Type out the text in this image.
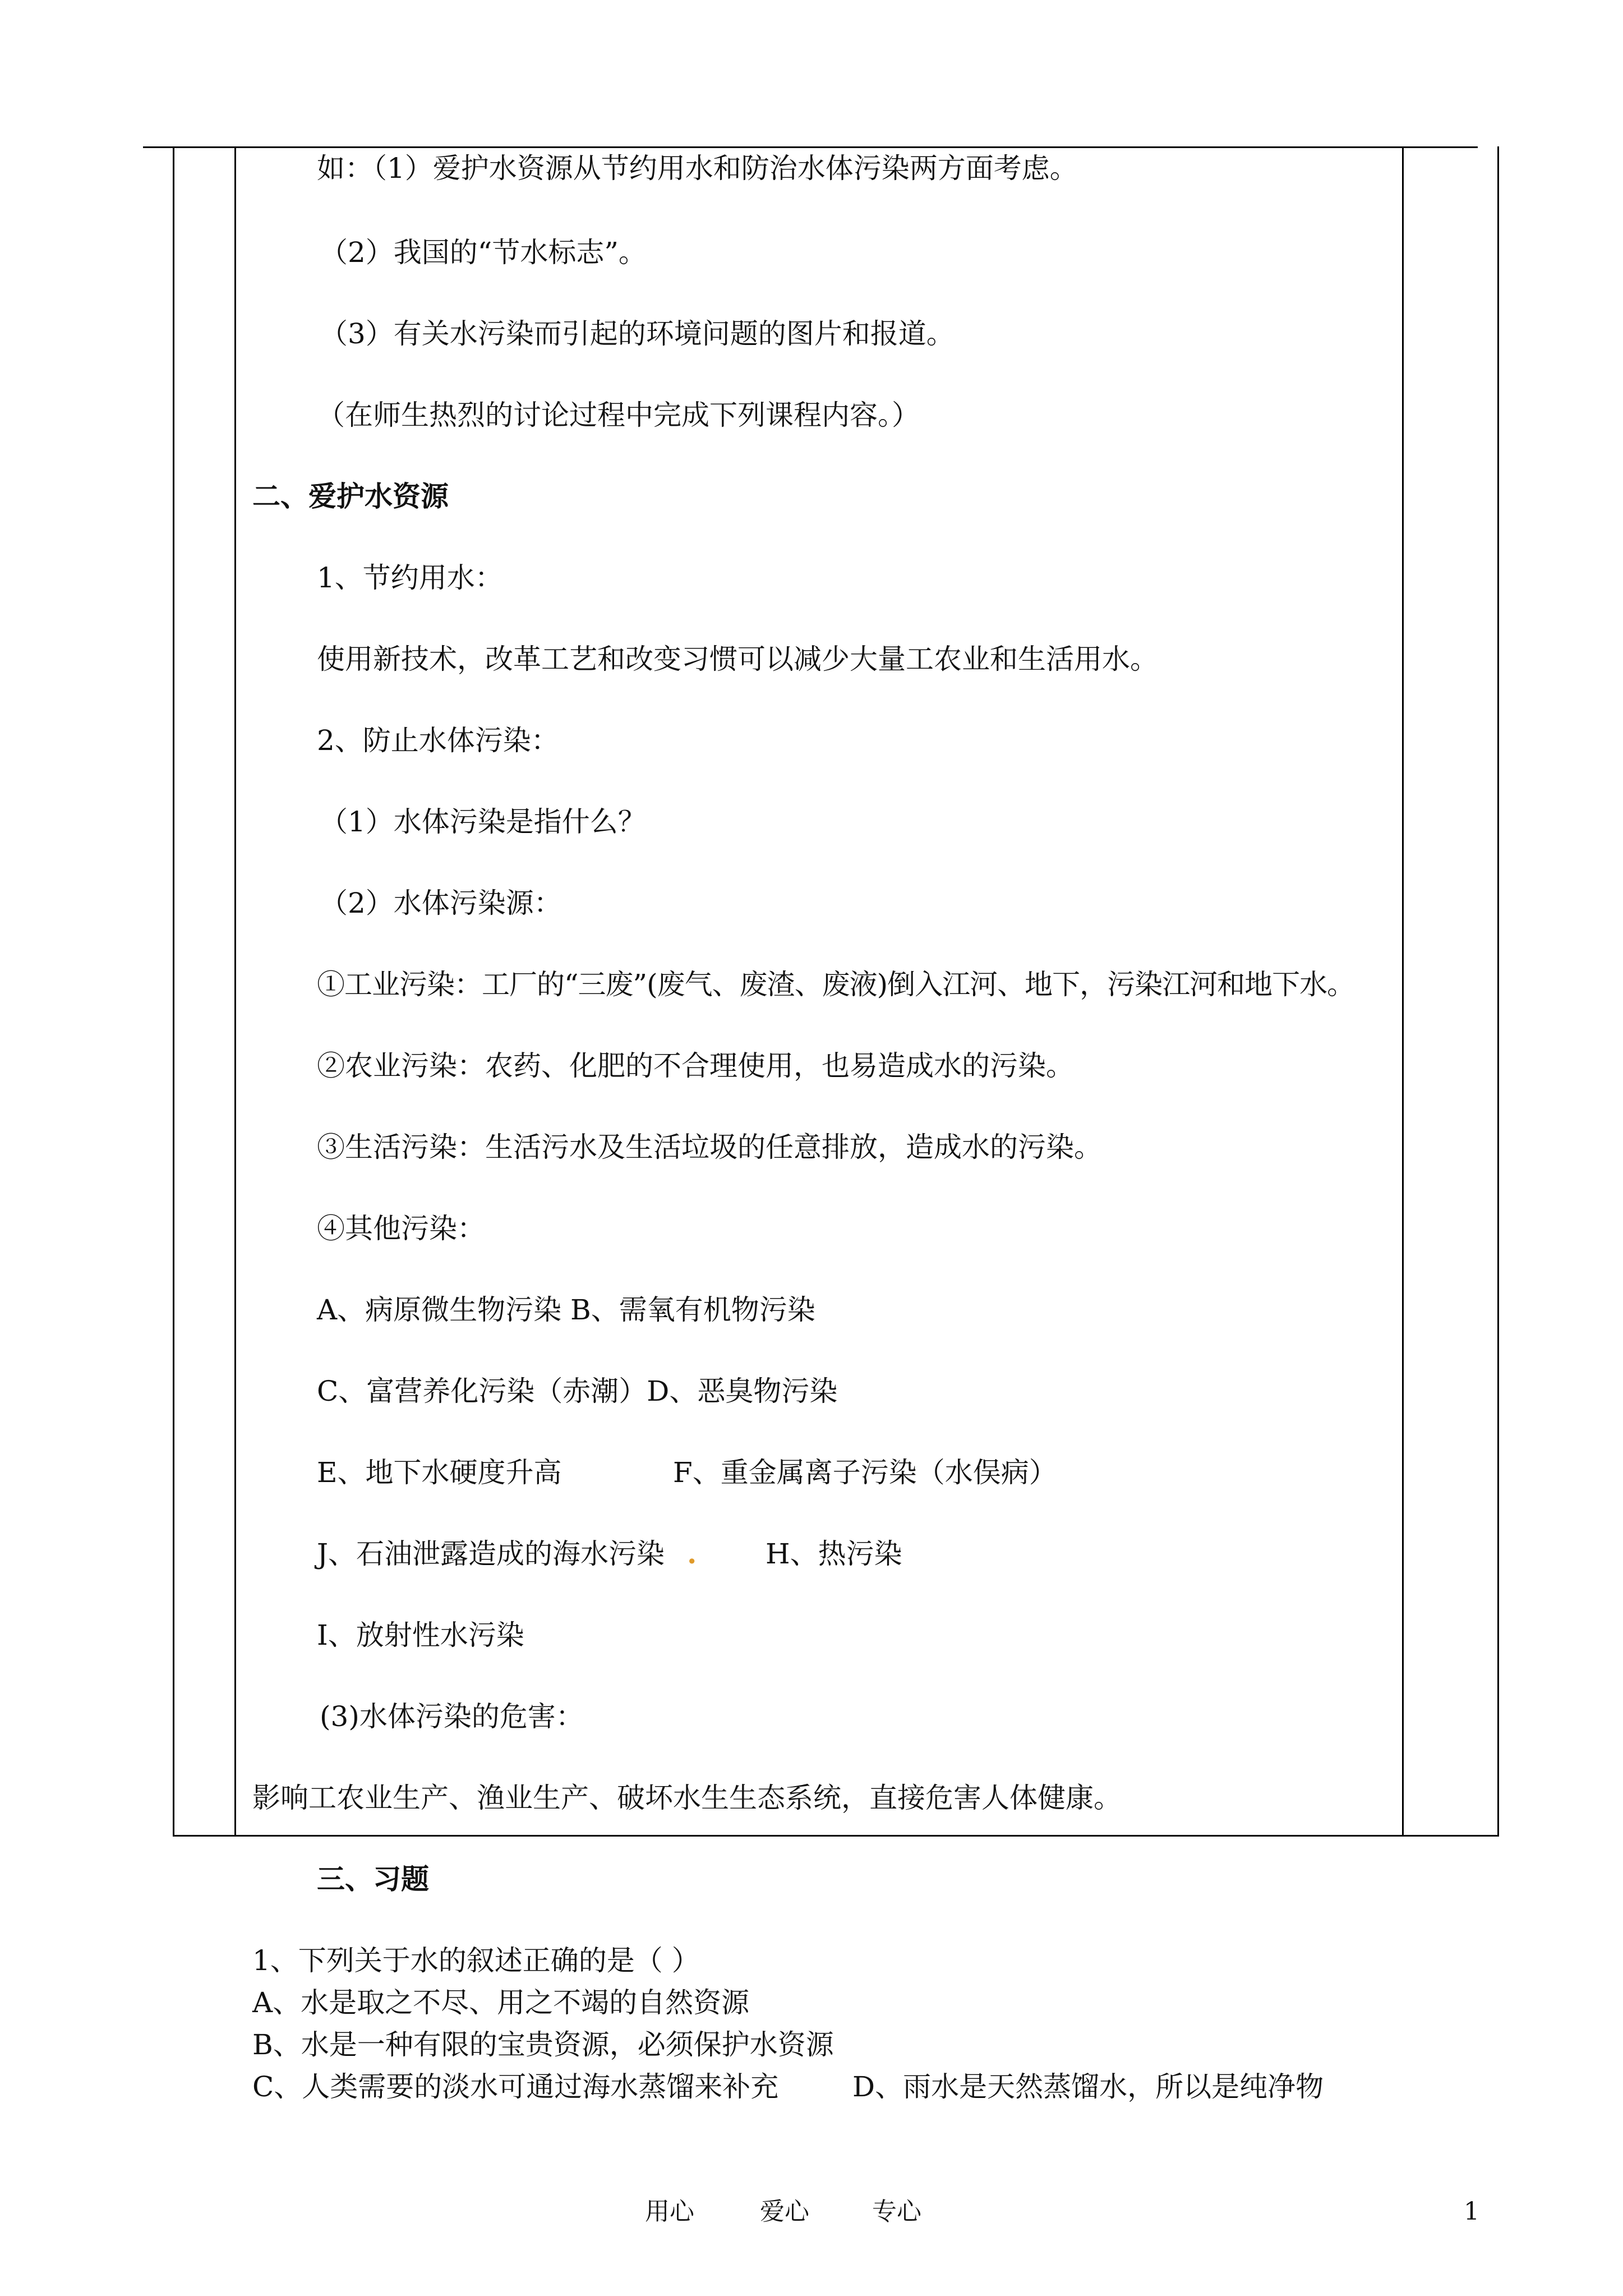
如：（1）爱护水资源从节约用水和防治水体污染两方面考虑。
（2）我国的“节水标志”。
（3）有关水污染而引起的环境问题的图片和报道。
（在师生热烈的讨论过程中完成下列课程内容。）
二、爱护水资源
1、节约用水：
使用新技术，改革工艺和改变习惯可以减少大量工农业和生活用水。
2、防止水体污染：
（1）水体污染是指什么？
（2）水体污染源：
①工业污染：工厂的“三废”(废气、废渣、废液)倒入江河、地下，污染江河和地下水。
②农业污染：农药、化肥的不合理使用，也易造成水的污染。
③生活污染：生活污水及生活垃圾的任意排放，造成水的污染。
④其他污染：
A、病原微生物污染 B、需氧有机物污染
C、富营养化污染（赤潮）D、恶臭物污染
E、地下水硬度升高	F、重金属离子污染（水俣病）
J、石油泄露造成的海水污染 . H、热污染
I、放射性水污染
(3)水体污染的危害：
影响工农业生产、渔业生产、破坏水生生态系统，直接危害人体健康。
三、习题
1、下列关于水的叙述正确的是（ ）
A、水是取之不尽、用之不竭的自然资源
B、水是一种有限的宝贵资源，必须保护水资源
C、人类需要的淡水可通过海水蒸馏来补充	D、雨水是天然蒸馏水，所以是纯净物
用心	爱心	专心	1
